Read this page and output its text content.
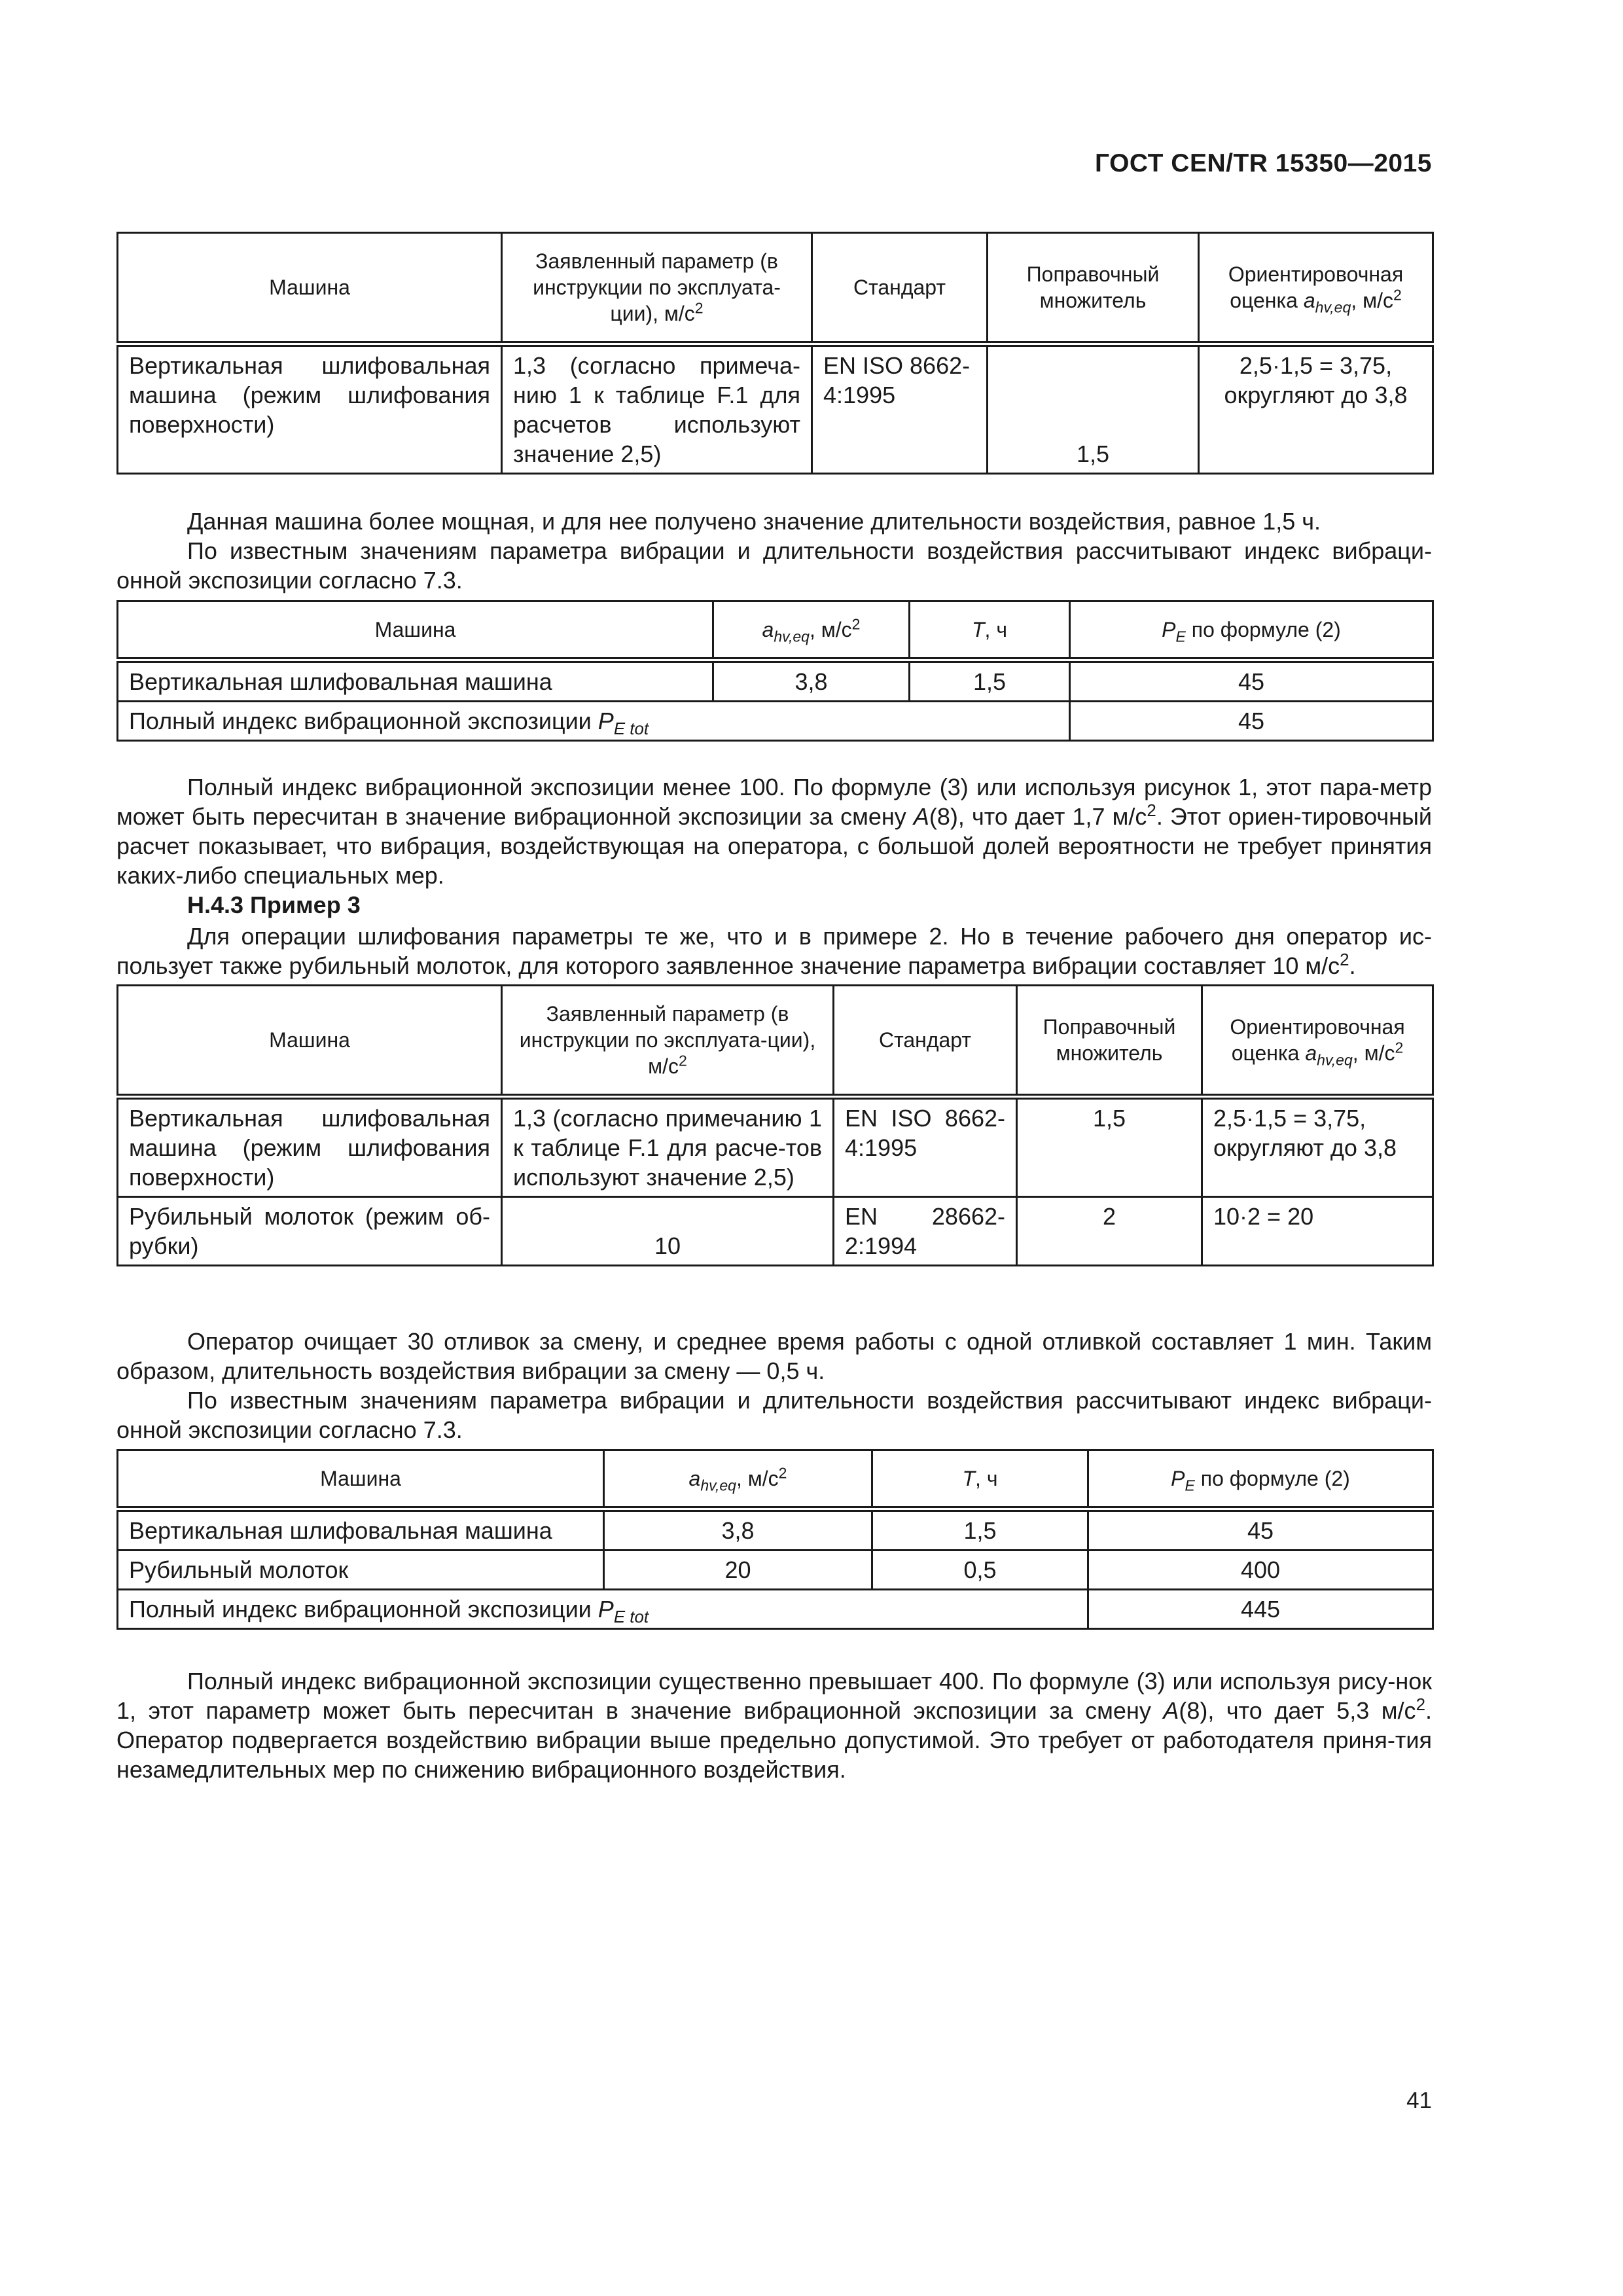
ГОСТ CEN/TR 15350—2015
Машина	Заявленный параметр (в инструкции по эксплуата-ции), $м/с^2$	Стандарт	Поправочный множитель	Ориентировочная оценка $a_{hv,eq}$, $м/с^2$
Вертикальная шлифовальная машина (режим шлифования поверхности)	1,3 (согласно примеча-нию 1 к таблице F.1 для расчетов используют значение 2,5)	EN ISO 8662-4:1995	1,5	2,5·1,5 = 3,75, округляют до 3,8

Данная машина более мощная, и для нее получено значение длительности воздействия, равное 1,5 ч.

По известным значениям параметра вибрации и длительности воздействия рассчитывают индекс вибраци-онной экспозиции согласно 7.3.

Машина	$a_{hv,eq}$, $м/с^2$	T, ч	$P_E$ по формуле (2)
Вертикальная шлифовальная машина	3,8	1,5	45
Полный индекс вибрационной экспозиции $P_{E tot}$			45

Полный индекс вибрационной экспозиции менее 100. По формуле (3) или используя рисунок 1, этот пара-метр может быть пересчитан в значение вибрационной экспозиции за смену A(8), что дает 1,7 $м/с^2$. Этот ориен-тировочный расчет показывает, что вибрация, воздействующая на оператора, с большой долей вероятности не требует принятия каких-либо специальных мер.

Н.4.3 Пример 3

Для операции шлифования параметры те же, что и в примере 2. Но в течение рабочего дня оператор ис-пользует также рубильный молоток, для которого заявленное значение параметра вибрации составляет 10 $м/с^2$.

Машина	Заявленный параметр (в инструкции по эксплуата-ции), $м/с^2$	Стандарт	Поправочный множитель	Ориентировочная оценка $a_{hv,eq}$, $м/с^2$
Вертикальная шлифовальная машина (режим шлифования поверхности)	1,3 (согласно примечанию 1 к таблице F.1 для расче-тов используют значение 2,5)	EN ISO 8662-4:1995	1,5	2,5·1,5 = 3,75, округляют до 3,8
Рубильный молоток (режим об-рубки)	10	EN 28662-2:1994	2	10·2 = 20

Оператор очищает 30 отливок за смену, и среднее время работы с одной отливкой составляет 1 мин. Таким образом, длительность воздействия вибрации за смену — 0,5 ч.

По известным значениям параметра вибрации и длительности воздействия рассчитывают индекс вибраци-онной экспозиции согласно 7.3.

Машина	$a_{hv,eq}$, $м/с^2$	T, ч	$P_E$ по формуле (2)
Вертикальная шлифовальная машина	3,8	1,5	45
Рубильный молоток	20	0,5	400
Полный индекс вибрационной экспозиции $P_{E tot}$			445

Полный индекс вибрационной экспозиции существенно превышает 400. По формуле (3) или используя рису-нок 1, этот параметр может быть пересчитан в значение вибрационной экспозиции за смену A(8), что дает 5,3 $м/с^2$. Оператор подвергается воздействию вибрации выше предельно допустимой. Это требует от работодателя приня-тия незамедлительных мер по снижению вибрационного воздействия.

41
